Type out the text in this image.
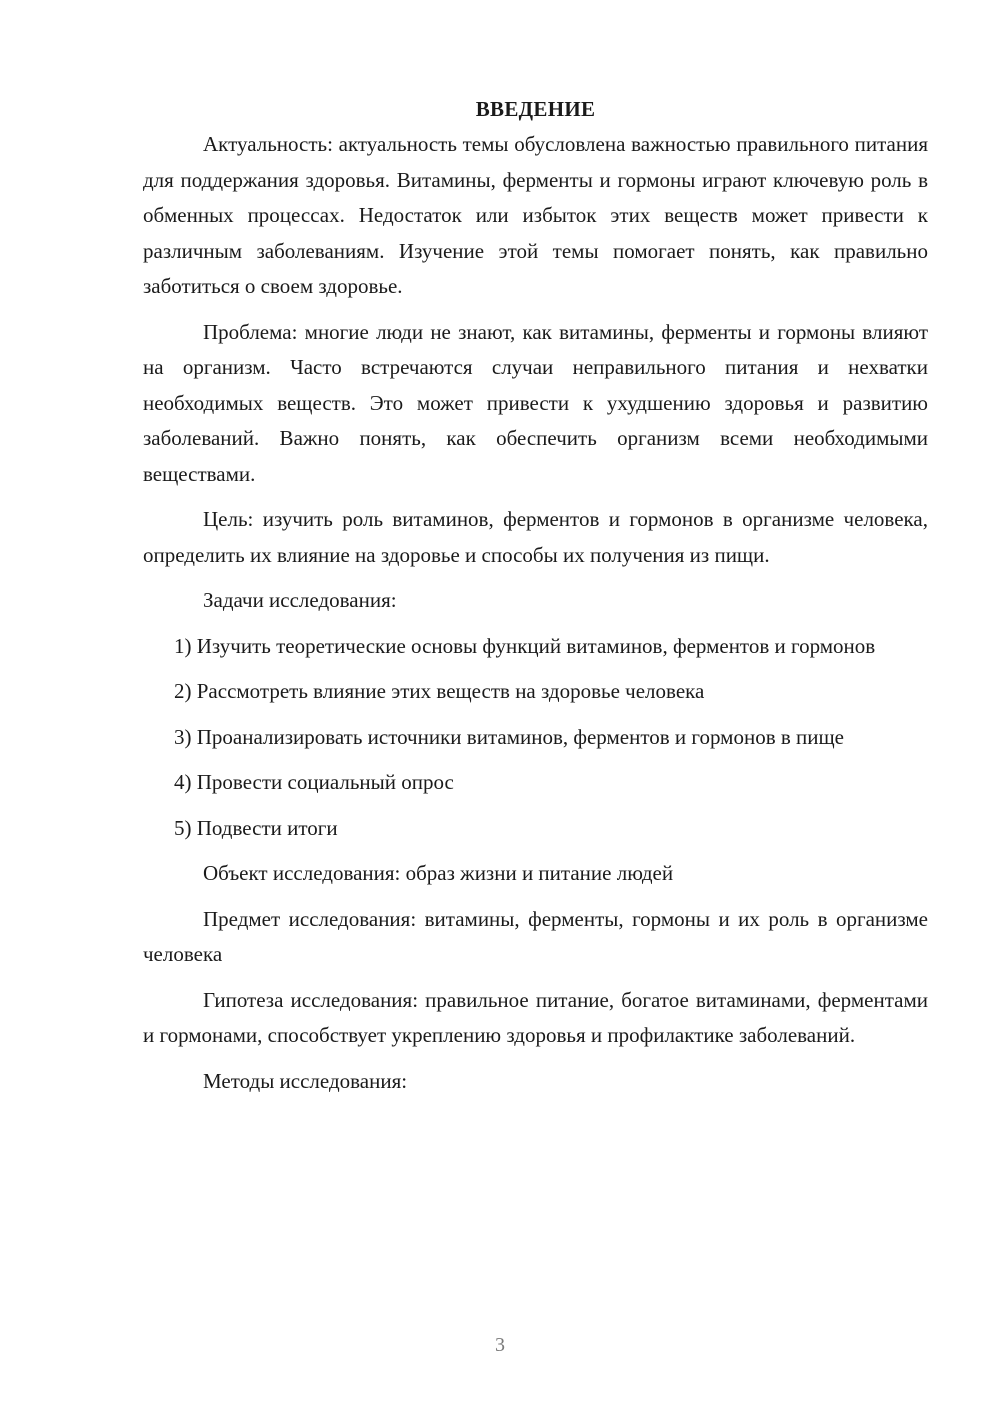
ВВЕДЕНИЕ

Актуальность: актуальность темы обусловлена важностью правильного питания для поддержания здоровья. Витамины, ферменты и гормоны играют ключевую роль в обменных процессах. Недостаток или избыток этих веществ может привести к различным заболеваниям. Изучение этой темы помогает понять, как правильно заботиться о своем здоровье.

Проблема: многие люди не знают, как витамины, ферменты и гормоны влияют на организм. Часто встречаются случаи неправильного питания и нехватки необходимых веществ. Это может привести к ухудшению здоровья и развитию заболеваний. Важно понять, как обеспечить организм всеми необходимыми веществами.

Цель: изучить роль витаминов, ферментов и гормонов в организме человека, определить их влияние на здоровье и способы их получения из пищи.

Задачи исследования:

1) Изучить теоретические основы функций витаминов, ферментов и гормонов

2) Рассмотреть влияние этих веществ на здоровье человека

3) Проанализировать источники витаминов, ферментов и гормонов в пище

4) Провести социальный опрос

5) Подвести итоги

Объект исследования: образ жизни и питание людей

Предмет исследования: витамины, ферменты, гормоны и их роль в организме человека

Гипотеза исследования: правильное питание, богатое витаминами, ферментами и гормонами, способствует укреплению здоровья и профилактике заболеваний.

Методы исследования:

3
